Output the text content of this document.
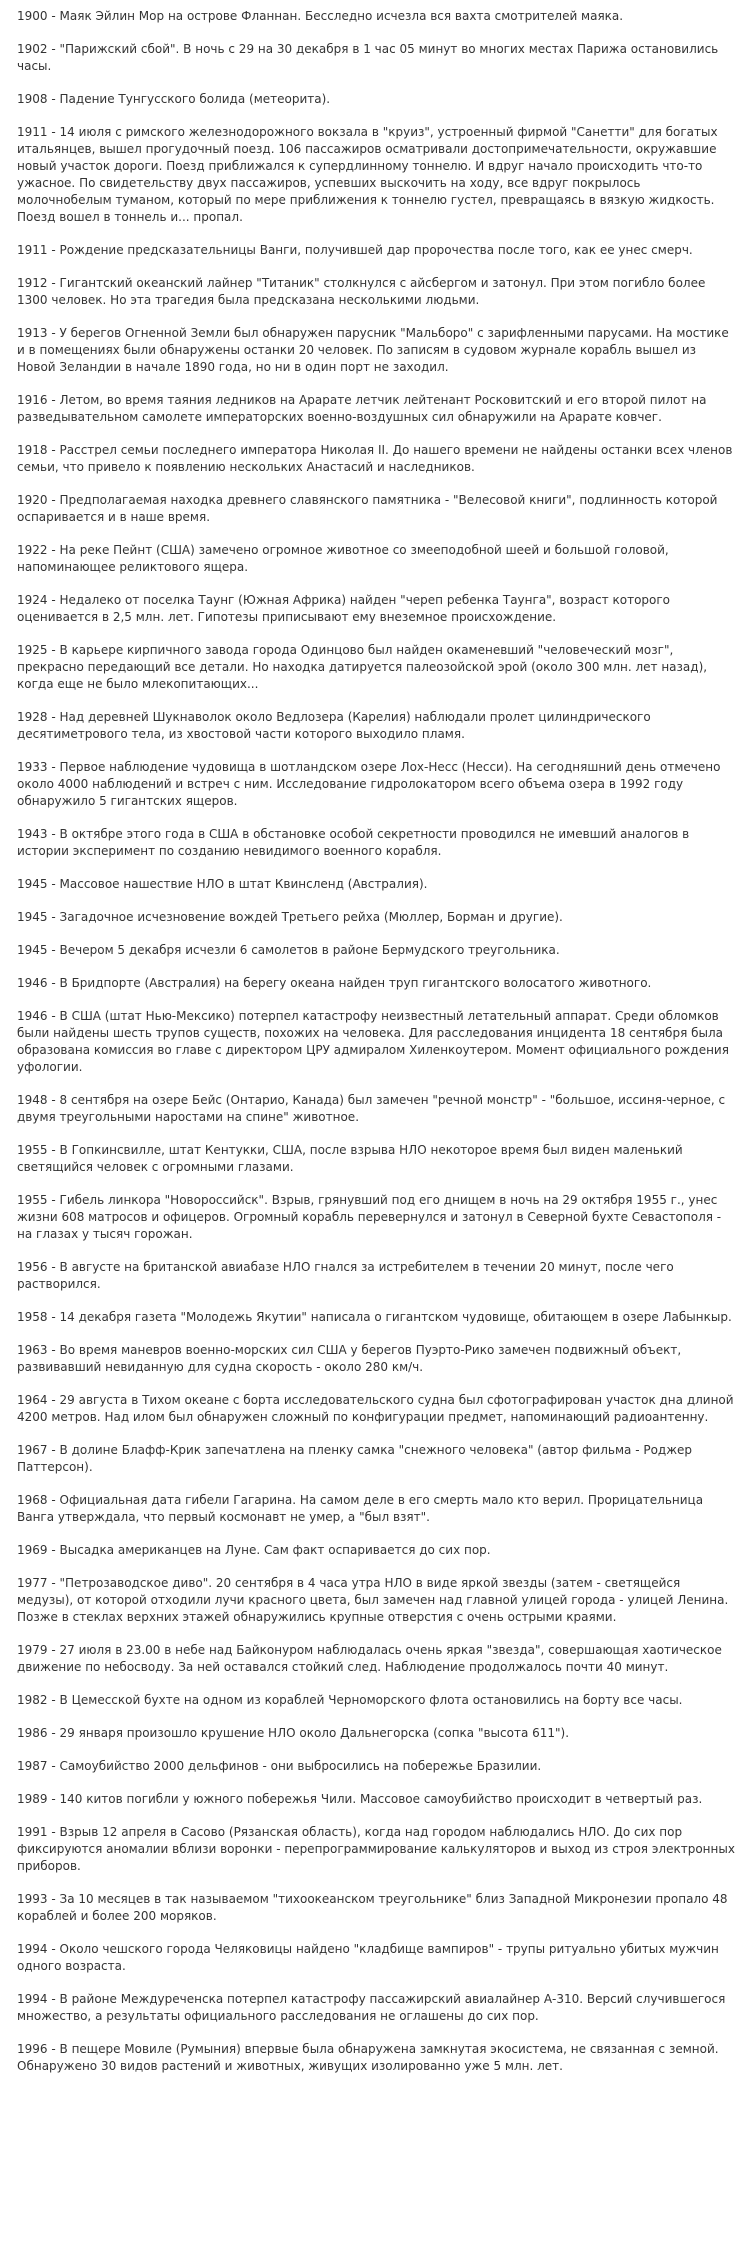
1900 - Маяк Эйлин Мор на острове Фланнан. Бесследно исчезла вся вахта смотрителей маяка.

1902 - "Парижский сбой". В ночь с 29 на 30 декабря в 1 час 05 минут во многих местах Парижа остановились часы.

1908 - Падение Тунгусского болида (метеорита).

1911 - 14 июля с римского железнодорожного вокзала в "круиз", устроенный фирмой "Санетти" для богатых итальянцев, вышел прогудочный поезд. 106 пассажиров осматривали достопримечательности, окружавшие новый участок дороги. Поезд приближался к супердлинному тоннелю. И вдруг начало происходить что-то ужасное. По свидетельству двух пассажиров, успевших выскочить на ходу, все вдруг покрылось молочнобелым туманом, который по мере приближения к тоннелю густел, превращаясь в вязкую жидкость. Поезд вошел в тоннель и... пропал.

1911 - Рождение предсказательницы Ванги, получившей дар пророчества после того, как ее унес смерч.

1912 - Гигантский океанский лайнер "Титаник" столкнулся с айсбергом и затонул. При этом погибло более 1300 человек. Но эта трагедия была предсказана несколькими людьми.

1913 - У берегов Огненной Земли был обнаружен парусник "Мальборо" с зарифленными парусами. На мостике и в помещениях были обнаружены останки 20 человек. По записям в судовом журнале корабль вышел из Новой Зеландии в начале 1890 года, но ни в один порт не заходил.

1916 - Летом, во время таяния ледников на Арарате летчик лейтенант Росковитский и его второй пилот на разведывательном самолете императорских военно-воздушных сил обнаружили на Арарате ковчег.

1918 - Расстрел семьи последнего императора Николая II. До нашего времени не найдены останки всех членов семьи, что привело к появлению нескольких Анастасий и наследников.

1920 - Предполагаемая находка древнего славянского памятника - "Велесовой книги", подлинность которой оспаривается и в наше время.

1922 - На реке Пейнт (США) замечено огромное животное со змееподобной шеей и большой головой, напоминающее реликтового ящера.

1924 - Недалеко от поселка Таунг (Южная Африка) найден "череп ребенка Таунга", возраст которого оценивается в 2,5 млн. лет. Гипотезы приписывают ему внеземное происхождение.

1925 - В карьере кирпичного завода города Одинцово был найден окаменевший "человеческий мозг", прекрасно передающий все детали. Но находка датируется палеозойской эрой (около 300 млн. лет назад), когда еще не было млекопитающих...

1928 - Над деревней Шукнаволок около Ведлозера (Карелия) наблюдали пролет цилиндрического десятиметрового тела, из хвостовой части которого выходило пламя.

1933 - Первое наблюдение чудовища в шотландском озере Лох-Несс (Несси). На сегодняшний день отмечено около 4000 наблюдений и встреч с ним. Исследование гидролокатором всего объема озера в 1992 году обнаружило 5 гигантских ящеров.

1943 - В октябре этого года в США в обстановке особой секретности проводился не имевший аналогов в истории эксперимент по созданию невидимого военного корабля.

1945 - Массовое нашествие НЛО в штат Квинсленд (Австралия).

1945 - Загадочное исчезновение вождей Третьего рейха (Мюллер, Борман и другие).

1945 - Вечером 5 декабря исчезли 6 самолетов в районе Бермудского треугольника.

1946 - В Бридпорте (Австралия) на берегу океана найден труп гигантского волосатого животного.

1946 - В США (штат Нью-Мексико) потерпел катастрофу неизвестный летательный аппарат. Среди обломков были найдены шесть трупов существ, похожих на человека. Для расследования инцидента 18 сентября была образована комиссия во главе с директором ЦРУ адмиралом Хиленкоутером. Момент официального рождения уфологии.

1948 - 8 сентября на озере Бейс (Онтарио, Канада) был замечен "речной монстр" - "большое, иссиня-черное, с двумя треугольными наростами на спине" животное.

1955 - В Гопкинсвилле, штат Кентукки, США, после взрыва НЛО некоторое время был виден маленький светящийся человек с огромными глазами.

1955 - Гибель линкора "Новороссийск". Взрыв, грянувший под его днищем в ночь на 29 октября 1955 г., унес жизни 608 матросов и офицеров. Огромный корабль перевернулся и затонул в Северной бухте Севастополя - на глазах у тысяч горожан.

1956 - В августе на британской авиабазе НЛО гнался за истребителем в течении 20 минут, после чего растворился.

1958 - 14 декабря газета "Молодежь Якутии" написала о гигантском чудовище, обитающем в озере Лабынкыр.

1963 - Во время маневров военно-морских сил США у берегов Пуэрто-Рико замечен подвижный объект, развивавший невиданную для судна скорость - около 280 км/ч.

1964 - 29 августа в Тихом океане с борта исследовательского судна был сфотографирован участок дна длиной 4200 метров. Над илом был обнаружен сложный по конфигурации предмет, напоминающий радиоантенну.

1967 - В долине Блафф-Крик запечатлена на пленку самка "снежного человека" (автор фильма - Роджер Паттерсон).

1968 - Официальная дата гибели Гагарина. На самом деле в его смерть мало кто верил. Прорицательница Ванга утверждала, что первый космонавт не умер, а "был взят".

1969 - Высадка американцев на Луне. Сам факт оспаривается до сих пор.

1977 - "Петрозаводское диво". 20 сентября в 4 часа утра НЛО в виде яркой звезды (затем - светящейся медузы), от которой отходили лучи красного цвета, был замечен над главной улицей города - улицей Ленина. Позже в стеклах верхних этажей обнаружились крупные отверстия с очень острыми краями.

1979 - 27 июля в 23.00 в небе над Байконуром наблюдалась очень яркая "звезда", совершающая хаотическое движение по небосводу. За ней оставался стойкий след. Наблюдение продолжалось почти 40 минут.

1982 - В Цемесской бухте на одном из кораблей Черноморского флота остановились на борту все часы.

1986 - 29 января произошло крушение НЛО около Дальнегорска (сопка "высота 611").

1987 - Самоубийство 2000 дельфинов - они выбросились на побережье Бразилии.

1989 - 140 китов погибли у южного побережья Чили. Массовое самоубийство происходит в четвертый раз.

1991 - Взрыв 12 апреля в Сасово (Рязанская область), когда над городом наблюдались НЛО. До сих пор фиксируются аномалии вблизи воронки - перепрограммирование калькуляторов и выход из строя электронных приборов.

1993 - За 10 месяцев в так называемом "тихоокеанском треугольнике" близ Западной Микронезии пропало 48 кораблей и более 200 моряков.

1994 - Около чешского города Челяковицы найдено "кладбище вампиров" - трупы ритуально убитых мужчин одного возраста.

1994 - В районе Междуреченска потерпел катастрофу пассажирский авиалайнер А-310. Версий случившегося множество, а результаты официального расследования не оглашены до сих пор.

1996 - В пещере Мовиле (Румыния) впервые была обнаружена замкнутая экосистема, не связанная с земной. Обнаружено 30 видов растений и животных, живущих изолированно уже 5 млн. лет.
